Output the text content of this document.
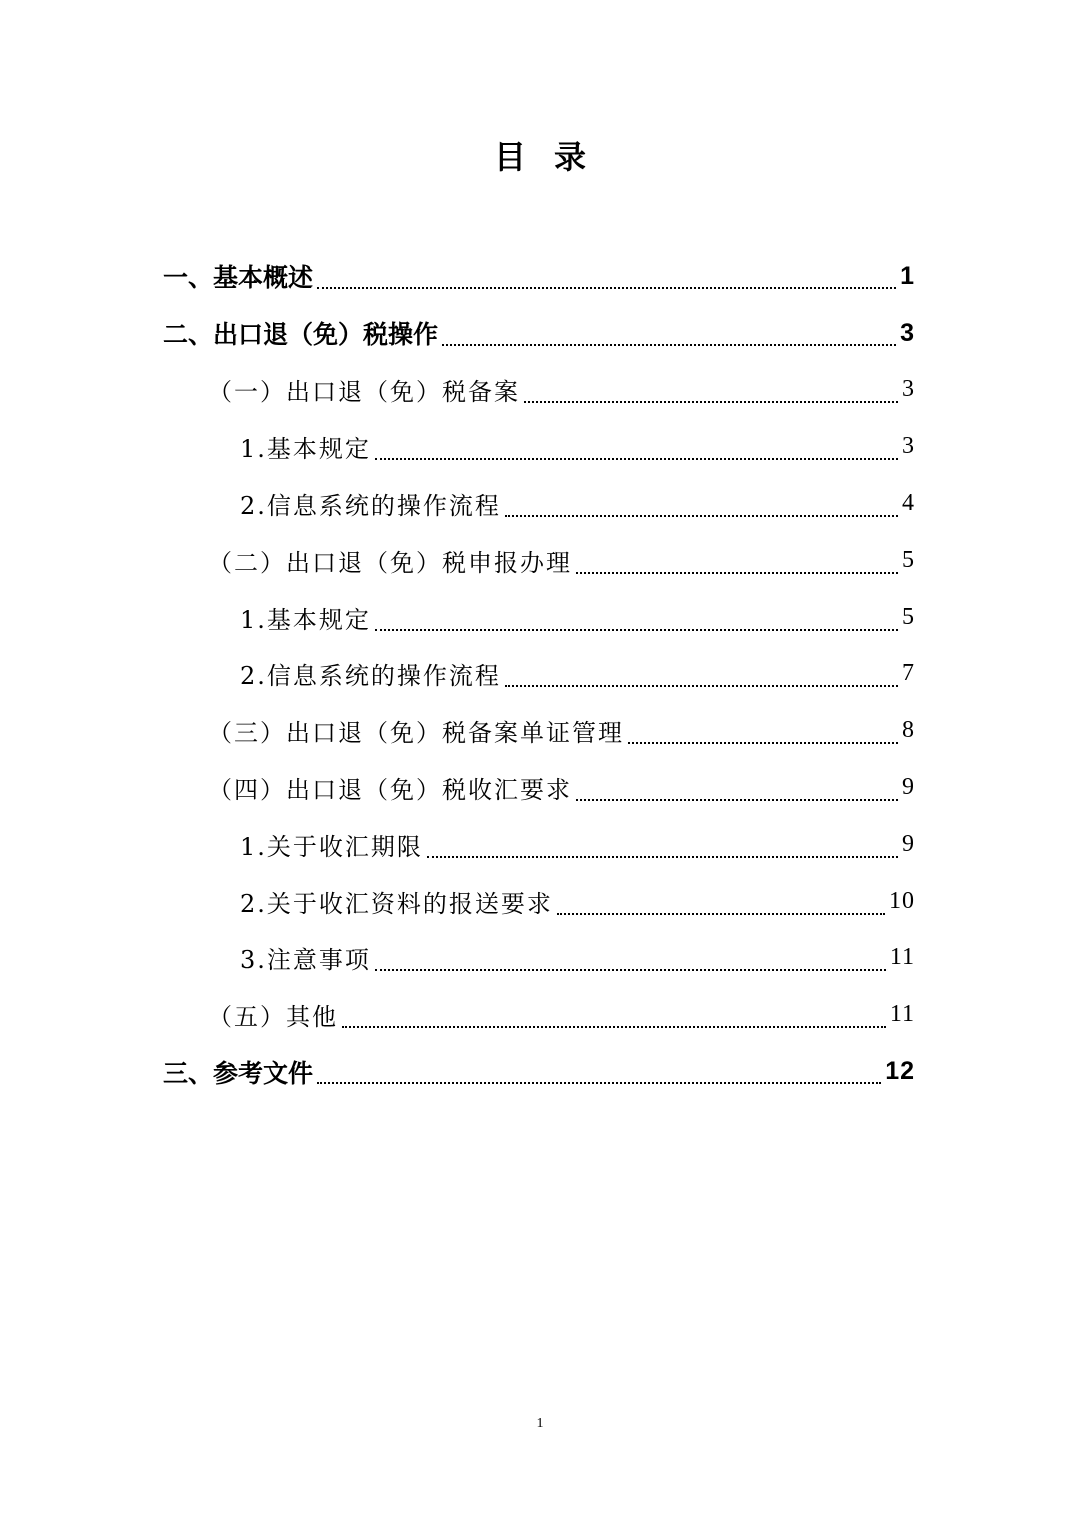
目录
一、基本概述	1
二、出口退（免）税操作	3
（一）出口退（免）税备案	3
1.基本规定	3
2.信息系统的操作流程	4
（二）出口退（免）税申报办理	5
1.基本规定	5
2.信息系统的操作流程	7
（三）出口退（免）税备案单证管理	8
（四）出口退（免）税收汇要求	9
1.关于收汇期限	9
2.关于收汇资料的报送要求	10
3.注意事项	11
（五）其他	11
三、参考文件	12

1
